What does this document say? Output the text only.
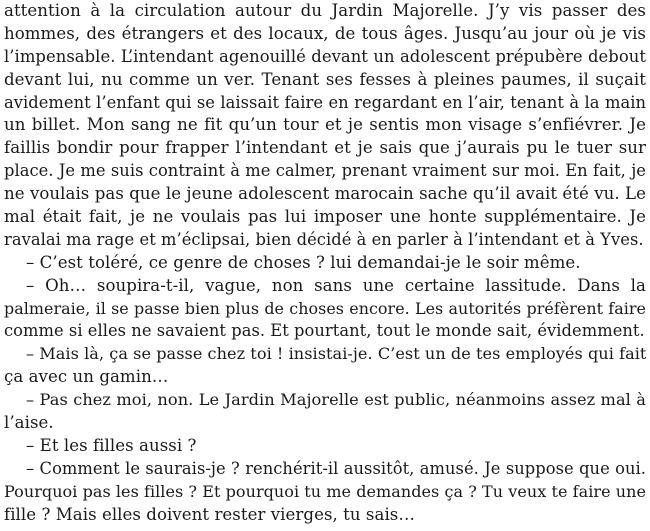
attention à la circulation autour du Jardin Majorelle. J’y vis passer des
hommes, des étrangers et des locaux, de tous âges. Jusqu’au jour où je vis
l’impensable. L’intendant agenouillé devant un adolescent prépubère debout
devant lui, nu comme un ver. Tenant ses fesses à pleines paumes, il suçait
avidement l’enfant qui se laissait faire en regardant en l’air, tenant à la main
un billet. Mon sang ne fit qu’un tour et je sentis mon visage s’enfiévrer. Je
faillis bondir pour frapper l’intendant et je sais que j’aurais pu le tuer sur
place. Je me suis contraint à me calmer, prenant vraiment sur moi. En fait, je
ne voulais pas que le jeune adolescent marocain sache qu’il avait été vu. Le
mal était fait, je ne voulais pas lui imposer une honte supplémentaire. Je
ravalai ma rage et m’éclipsai, bien décidé à en parler à l’intendant et à Yves.
– C’est toléré, ce genre de choses ? lui demandai-je le soir même.
– Oh… soupira-t-il, vague, non sans une certaine lassitude. Dans la
palmeraie, il se passe bien plus de choses encore. Les autorités préfèrent faire
comme si elles ne savaient pas. Et pourtant, tout le monde sait, évidemment.
– Mais là, ça se passe chez toi ! insistai-je. C’est un de tes employés qui fait
ça avec un gamin…
– Pas chez moi, non. Le Jardin Majorelle est public, néanmoins assez mal à
l’aise.
– Et les filles aussi ?
– Comment le saurais-je ? renchérit-il aussitôt, amusé. Je suppose que oui.
Pourquoi pas les filles ? Et pourquoi tu me demandes ça ? Tu veux te faire une
fille ? Mais elles doivent rester vierges, tu sais…
